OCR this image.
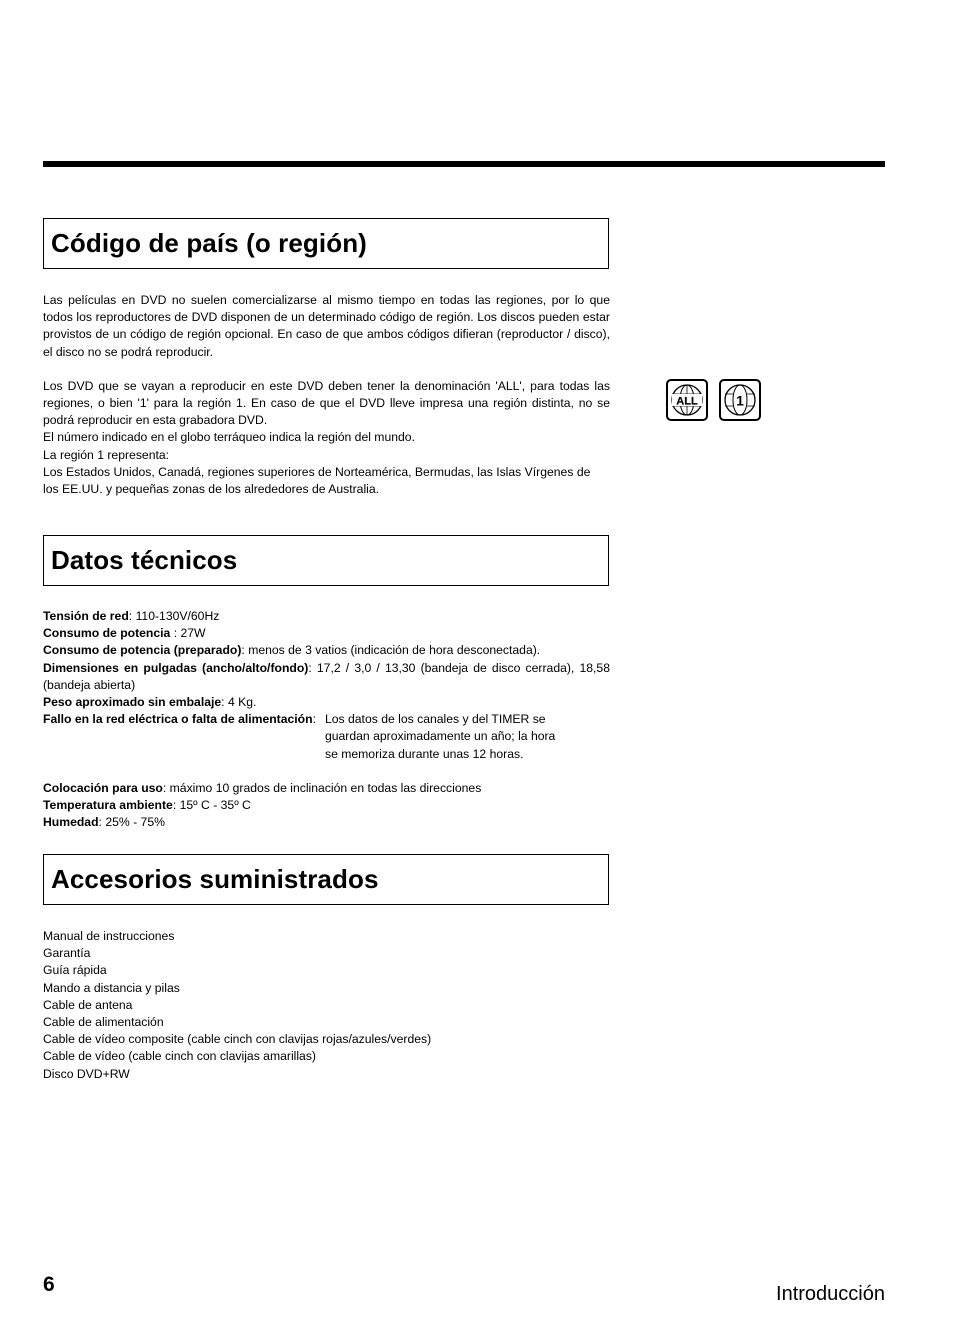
Código de país (o región)

Las películas en DVD no suelen comercializarse al mismo tiempo en todas las regiones, por lo que todos los reproductores de DVD disponen de un determinado código de región. Los discos pueden estar provistos de un código de región opcional. En caso de que ambos códigos difieran (reproductor / disco), el disco no se podrá reproducir.

Los DVD que se vayan a reproducir en este DVD deben tener la denominación 'ALL', para todas las regiones, o bien '1' para la región 1. En caso de que el DVD lleve impresa una región distinta, no se podrá reproducir en esta grabadora DVD.

El número indicado en el globo terráqueo indica la región del mundo.

La región 1 representa:

Los Estados Unidos, Canadá, regiones superiores de Norteamérica, Bermudas, las Islas Vírgenes de los EE.UU. y pequeñas zonas de los alrededores de Australia.

ALL	1
Datos técnicos
Tensión de red: 110-130V/60Hz
Consumo de potencia : 27W
Consumo de potencia (preparado): menos de 3 vatios (indicación de hora desconectada).
Dimensiones en pulgadas (ancho/alto/fondo): 17,2 / 3,0 / 13,30 (bandeja de disco cerrada), 18,58 (bandeja abierta)
Peso aproximado sin embalaje: 4 Kg.
Fallo en la red eléctrica o falta de alimentación: Los datos de los canales y del TIMER se guardan aproximadamente un año; la hora se memoriza durante unas 12 horas.
Colocación para uso: máximo 10 grados de inclinación en todas las direcciones
Temperatura ambiente: 15º C - 35º C
Humedad: 25% - 75%
Accesorios suministrados
Manual de instrucciones
Garantía
Guía rápida
Mando a distancia y pilas
Cable de antena
Cable de alimentación
Cable de vídeo composite (cable cinch con clavijas rojas/azules/verdes)
Cable de vídeo (cable cinch con clavijas amarillas)
Disco DVD+RW
6	Introducción
